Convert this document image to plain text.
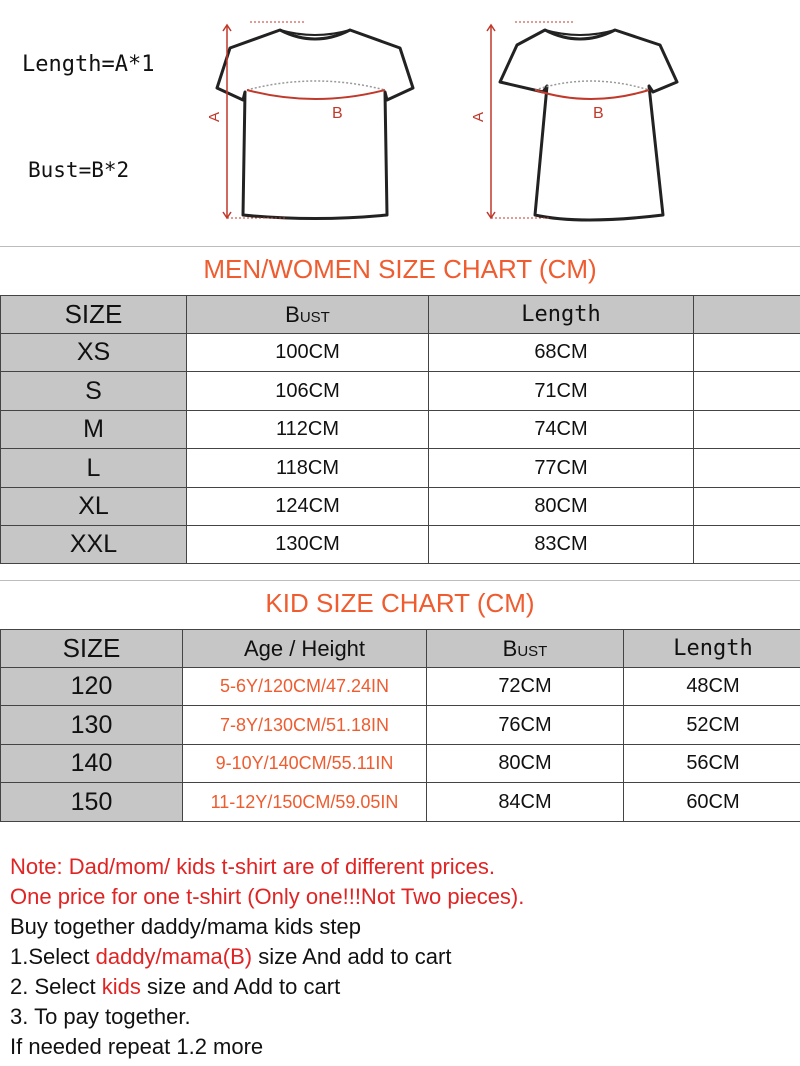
Length=A*1
Bust=B*2
A	B	A	B
MEN/WOMEN SIZE CHART (CM)
SIZE	Bust	Length	
XS	100CM	68CM	
S	106CM	71CM	
M	112CM	74CM	
L	118CM	77CM	
XL	124CM	80CM	
XXL	130CM	83CM	
KID SIZE CHART (CM)
SIZE	Age / Height	Bust	Length
120	5-6Y/120CM/47.24IN	72CM	48CM
130	7-8Y/130CM/51.18IN	76CM	52CM
140	9-10Y/140CM/55.11IN	80CM	56CM
150	11-12Y/150CM/59.05IN	84CM	60CM
Note: Dad/mom/ kids t-shirt are of different prices.
One price for one t-shirt (Only one!!!Not Two pieces).
Buy together daddy/mama kids step
1.Select daddy/mama(B) size And add to cart
2. Select kids size and Add to cart
3. To pay together.
If needed repeat 1.2 more
